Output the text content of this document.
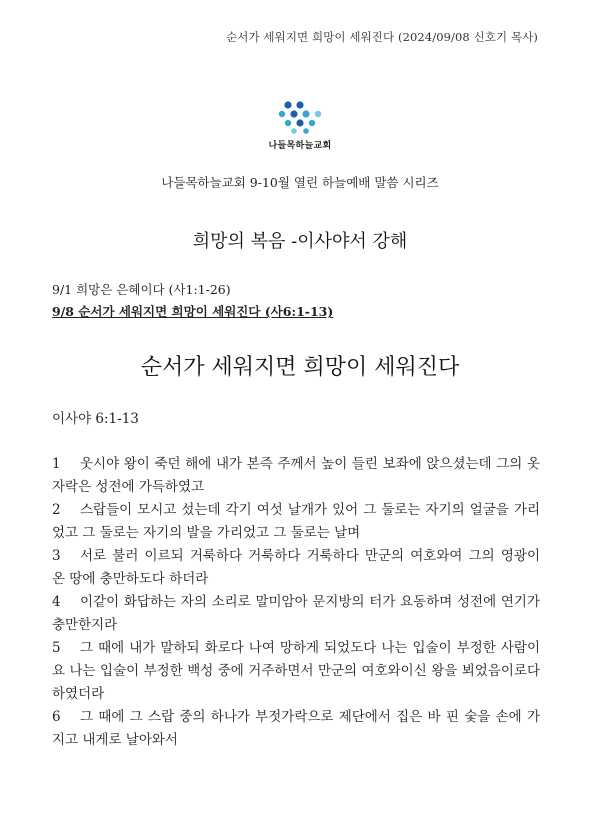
순서가 세워지면 희망이 세워진다 (2024/09/08 신호기 목사)
나들목하늘교회
나들목하늘교회 9-10월 열린 하늘예배 말씀 시리즈
희망의 복음 -이사야서 강해
9/1 희망은 은혜이다 (사1:1-26)
9/8 순서가 세워지면 희망이 세워진다 (사6:1-13)
순서가 세워지면 희망이 세워진다
이사야 6:1-13

1 웃시야 왕이 죽던 해에 내가 본즉 주께서 높이 들린 보좌에 앉으셨는데 그의 옷자락은 성전에 가득하였고

2 스랍들이 모시고 섰는데 각기 여섯 날개가 있어 그 둘로는 자기의 얼굴을 가리었고 그 둘로는 자기의 발을 가리었고 그 둘로는 날며

3 서로 불러 이르되 거룩하다 거룩하다 거룩하다 만군의 여호와여 그의 영광이 온 땅에 충만하도다 하더라

4 이같이 화답하는 자의 소리로 말미암아 문지방의 터가 요동하며 성전에 연기가 충만한지라

5 그 때에 내가 말하되 화로다 나여 망하게 되었도다 나는 입술이 부정한 사람이요 나는 입술이 부정한 백성 중에 거주하면서 만군의 여호와이신 왕을 뵈었음이로다 하였더라

6 그 때에 그 스랍 중의 하나가 부젓가락으로 제단에서 집은 바 핀 숯을 손에 가지고 내게로 날아와서
